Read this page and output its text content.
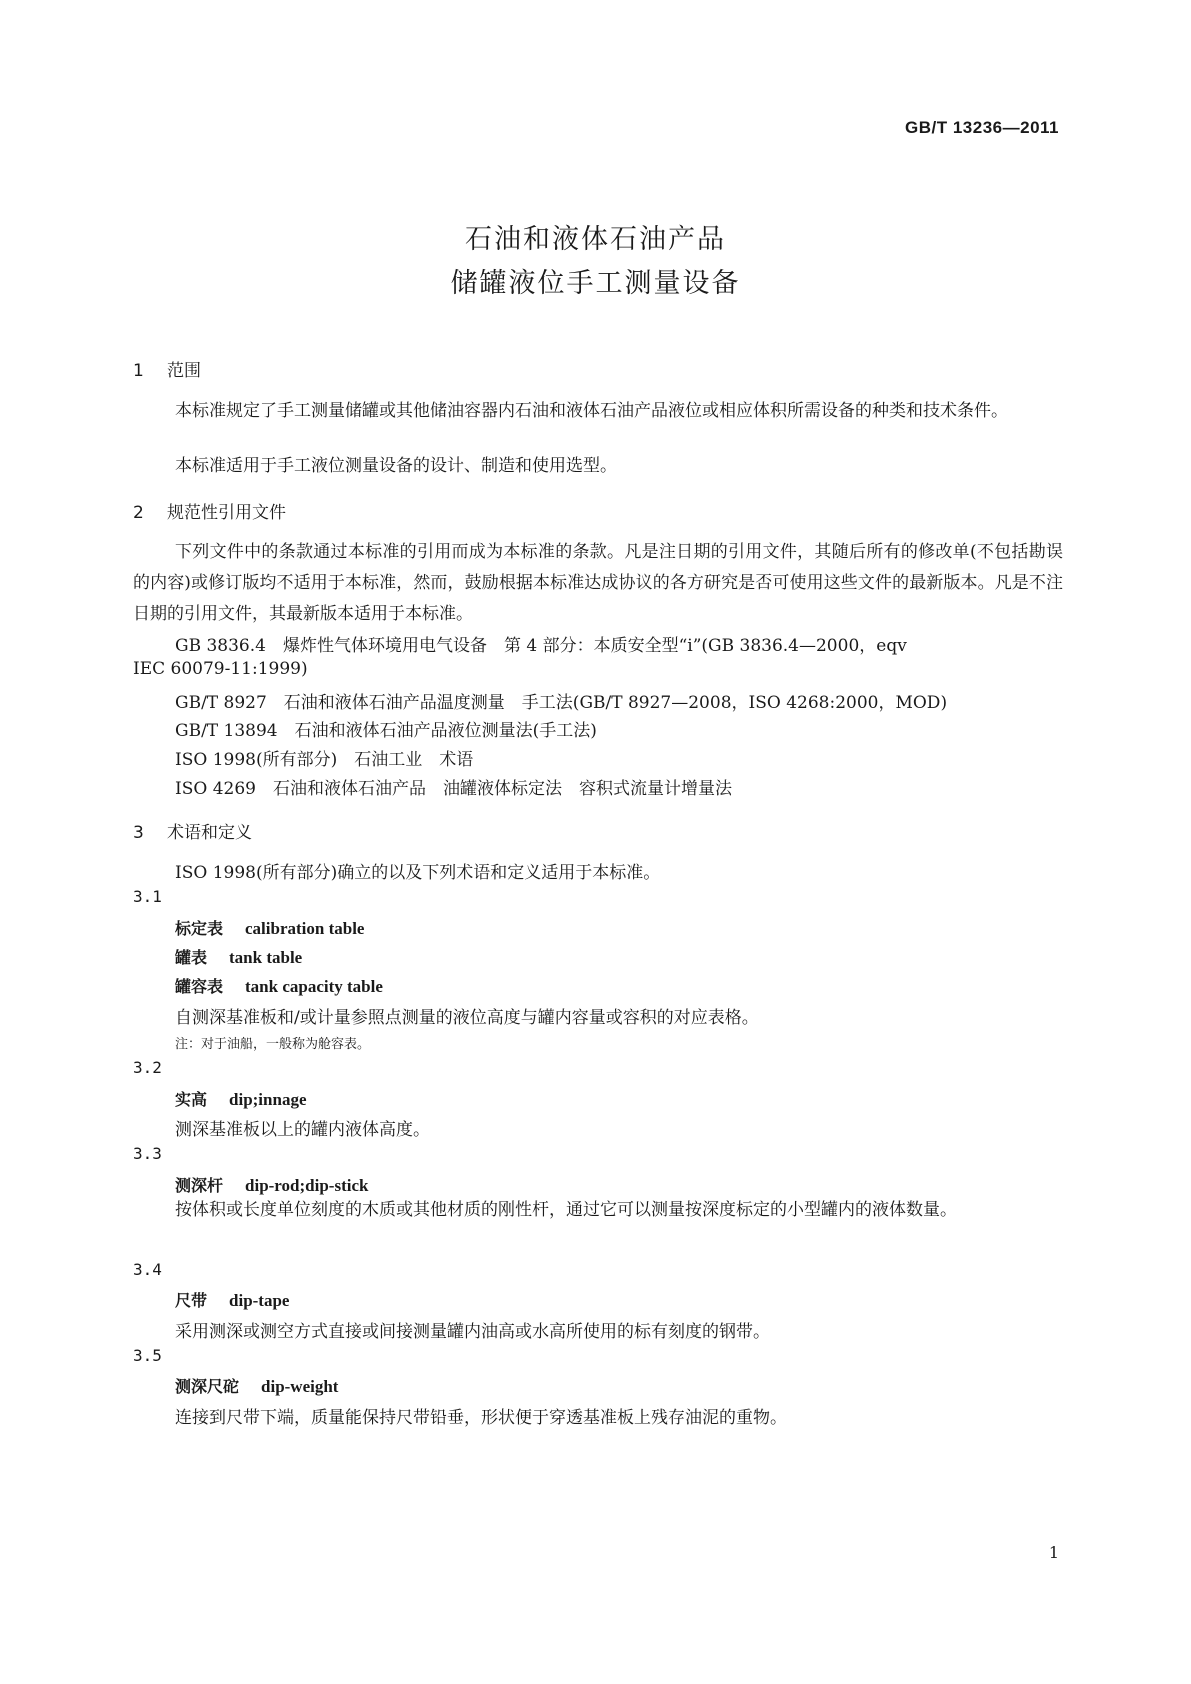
GB/T 13236—2011
石油和液体石油产品
储罐液位手工测量设备
1 范围

本标准规定了手工测量储罐或其他储油容器内石油和液体石油产品液位或相应体积所需设备的种类和技术条件。

本标准适用于手工液位测量设备的设计、制造和使用选型。

2 规范性引用文件

下列文件中的条款通过本标准的引用而成为本标准的条款。凡是注日期的引用文件，其随后所有的修改单(不包括勘误的内容)或修订版均不适用于本标准，然而，鼓励根据本标准达成协议的各方研究是否可使用这些文件的最新版本。凡是不注日期的引用文件，其最新版本适用于本标准。

GB 3836.4　爆炸性气体环境用电气设备　第 4 部分：本质安全型“i”(GB 3836.4—2000，eqv
IEC 60079-11:1999)
GB/T 8927　石油和液体石油产品温度测量　手工法(GB/T 8927—2008，ISO 4268:2000，MOD)
GB/T 13894　石油和液体石油产品液位测量法(手工法)
ISO 1998(所有部分)　石油工业　术语
ISO 4269　石油和液体石油产品　油罐液体标定法　容积式流量计增量法
3 术语和定义
ISO 1998(所有部分)确立的以及下列术语和定义适用于本标准。
3.1
标定表 calibration table
罐表 tank table
罐容表 tank capacity table
自测深基准板和/或计量参照点测量的液位高度与罐内容量或容积的对应表格。
注：对于油船，一般称为舱容表。
3.2
实高 dip;innage
测深基准板以上的罐内液体高度。
3.3
测深杆 dip-rod;dip-stick

按体积或长度单位刻度的木质或其他材质的刚性杆，通过它可以测量按深度标定的小型罐内的液体数量。

3.4
尺带 dip-tape
采用测深或测空方式直接或间接测量罐内油高或水高所使用的标有刻度的钢带。
3.5
测深尺砣 dip-weight
连接到尺带下端，质量能保持尺带铅垂，形状便于穿透基准板上残存油泥的重物。
1
